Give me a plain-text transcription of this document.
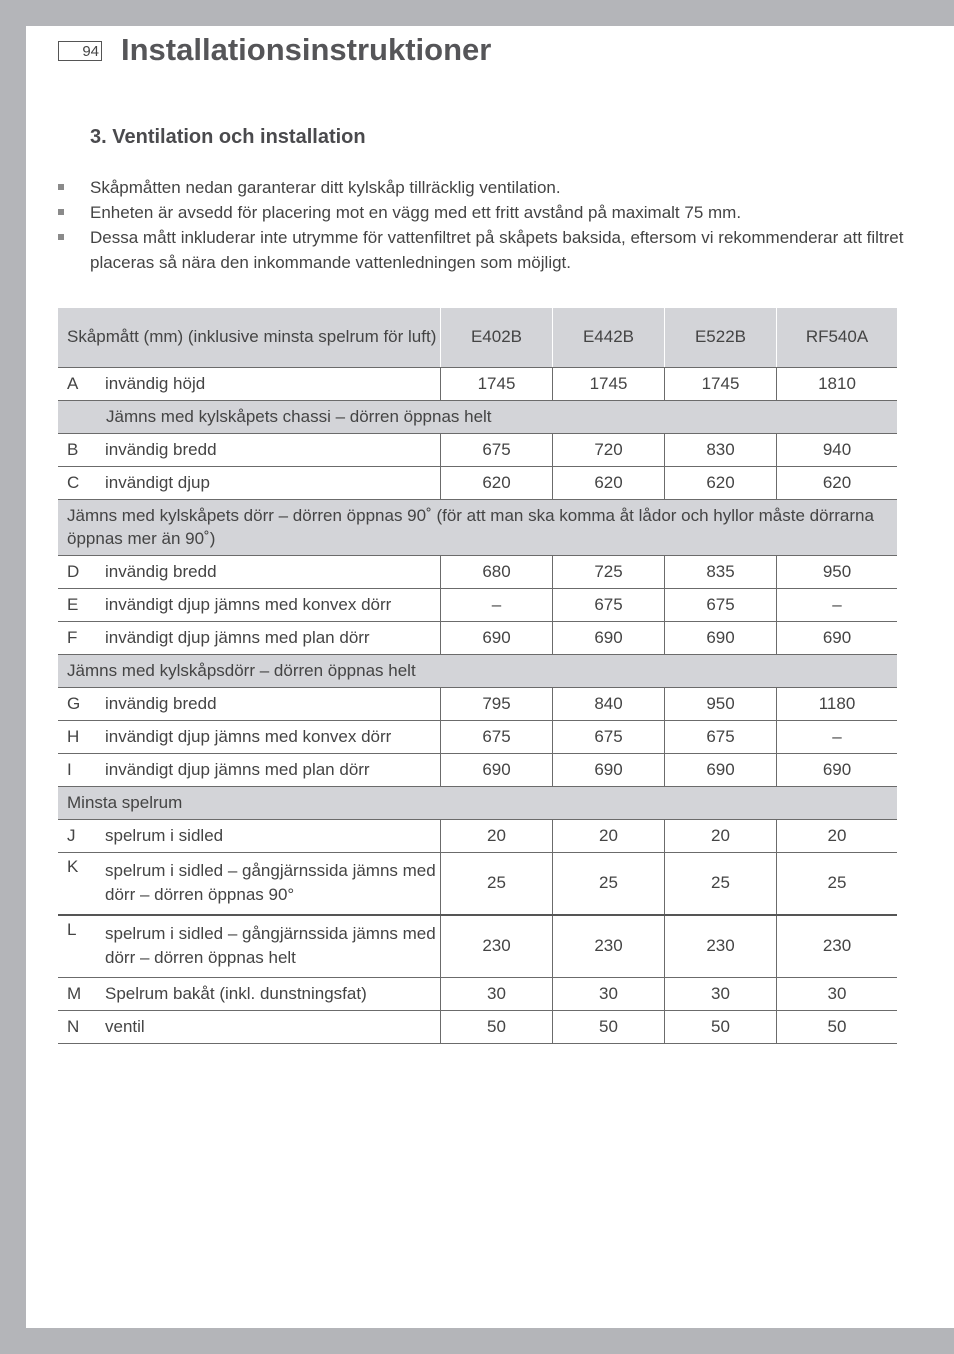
94 Installationsinstruktioner
3. Ventilation och installation
Skåpmåtten nedan garanterar ditt kylskåp tillräcklig ventilation.
Enheten är avsedd för placering mot en vägg med ett fritt avstånd på maximalt 75 mm.
Dessa mått inkluderar inte utrymme för vattenfiltret på skåpets baksida, eftersom vi rekommenderar att filtret placeras så nära den inkommande vattenledningen som möjligt.
Skåpmått (mm) (inklusive minsta spelrum för luft)		E402B	E442B	E522B	RF540A
A	invändig höjd	1745	1745	1745	1810
Jämns med kylskåpets chassi – dörren öppnas helt					
B	invändig bredd	675	720	830	940
C	invändigt djup	620	620	620	620
Jämns med kylskåpets dörr – dörren öppnas 90˚ (för att man ska komma åt lådor och hyllor måste dörrarna öppnas mer än 90˚)					
D	invändig bredd	680	725	835	950
E	invändigt djup jämns med konvex dörr	–	675	675	–
F	invändigt djup jämns med plan dörr	690	690	690	690
Jämns med kylskåpsdörr – dörren öppnas helt					
G	invändig bredd	795	840	950	1180
H	invändigt djup jämns med konvex dörr	675	675	675	–
I	invändigt djup jämns med plan dörr	690	690	690	690
Minsta spelrum					
J	spelrum i sidled	20	20	20	20
K	spelrum i sidled – gångjärnssida jämns med dörr – dörren öppnas 90°	25	25	25	25
L	spelrum i sidled – gångjärnssida jämns med dörr – dörren öppnas helt	230	230	230	230
M	Spelrum bakåt (inkl. dunstningsfat)	30	30	30	30
N	ventil	50	50	50	50
